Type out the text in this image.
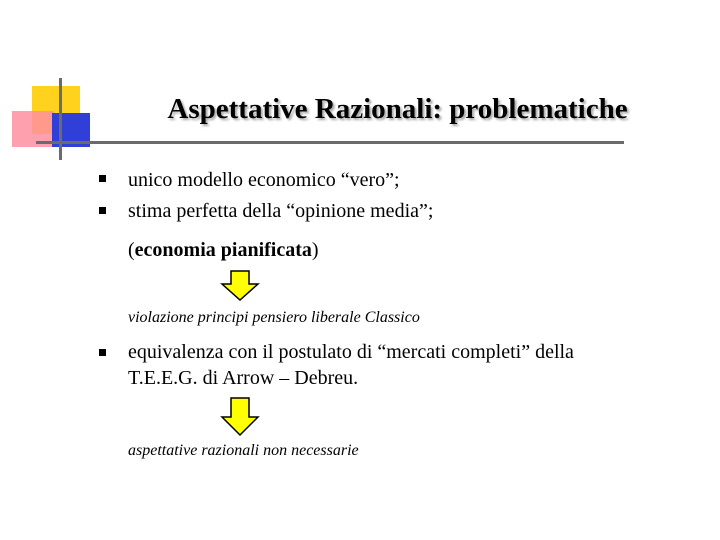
Aspettative Razionali: problematiche
unico modello economico “vero”;
stima perfetta della “opinione media”;
(economia pianificata)
violazione principi pensiero liberale Classico
equivalenza con il postulato di “mercati completi” della
T.E.E.G. di Arrow – Debreu.
aspettative razionali non necessarie
